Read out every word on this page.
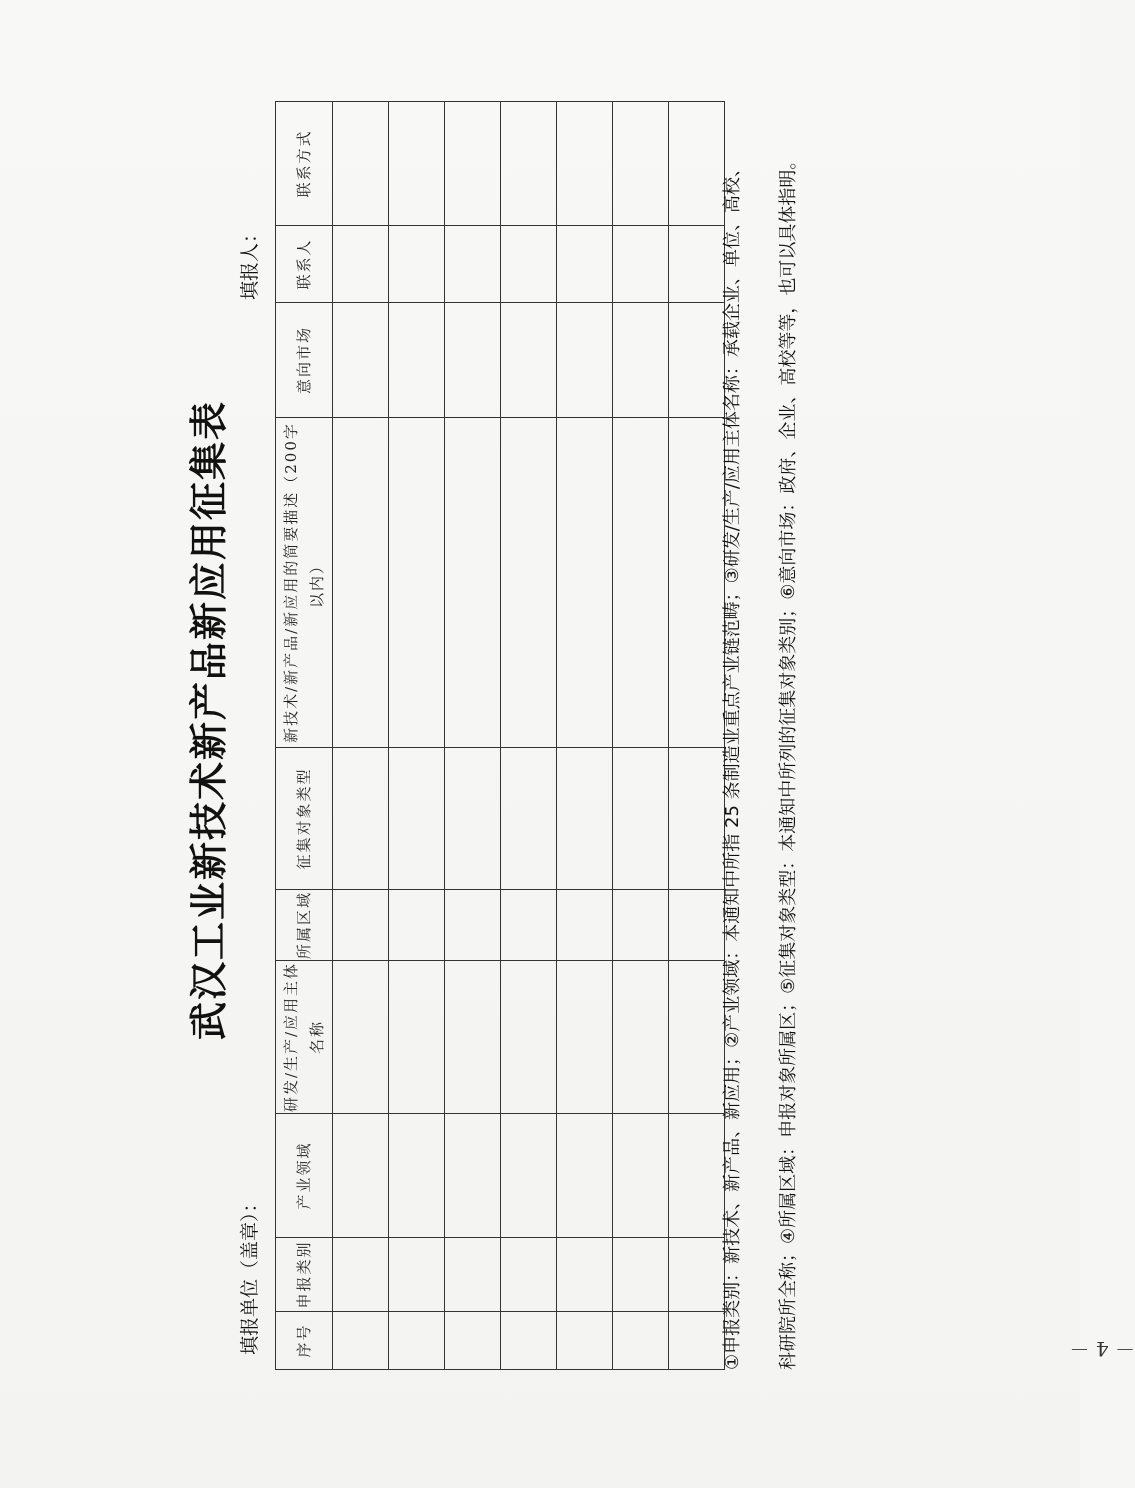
武汉工业新技术新产品新应用征集表
填报单位（盖章）：
填报人：
序号	申报类别	产业领域	研发/生产/应用主体名称	所属区域	征集对象类型	新技术/新产品/新应用的简要描述（200字以内）	意向市场	联系人	联系方式

										①申报类别：新技术、新产品、新应用；②产业领域：本通知中所指 25 条制造业重点产业链范畴；③研发/生产/应用主体名称：承载企业、单位、高校、	科研院所全称；④所属区域：申报对象所属区；⑤征集对象类型：本通知中所列的征集对象类别；⑥意向市场：政府、企业、高校等等，也可以具体指明。	－ 4 －
